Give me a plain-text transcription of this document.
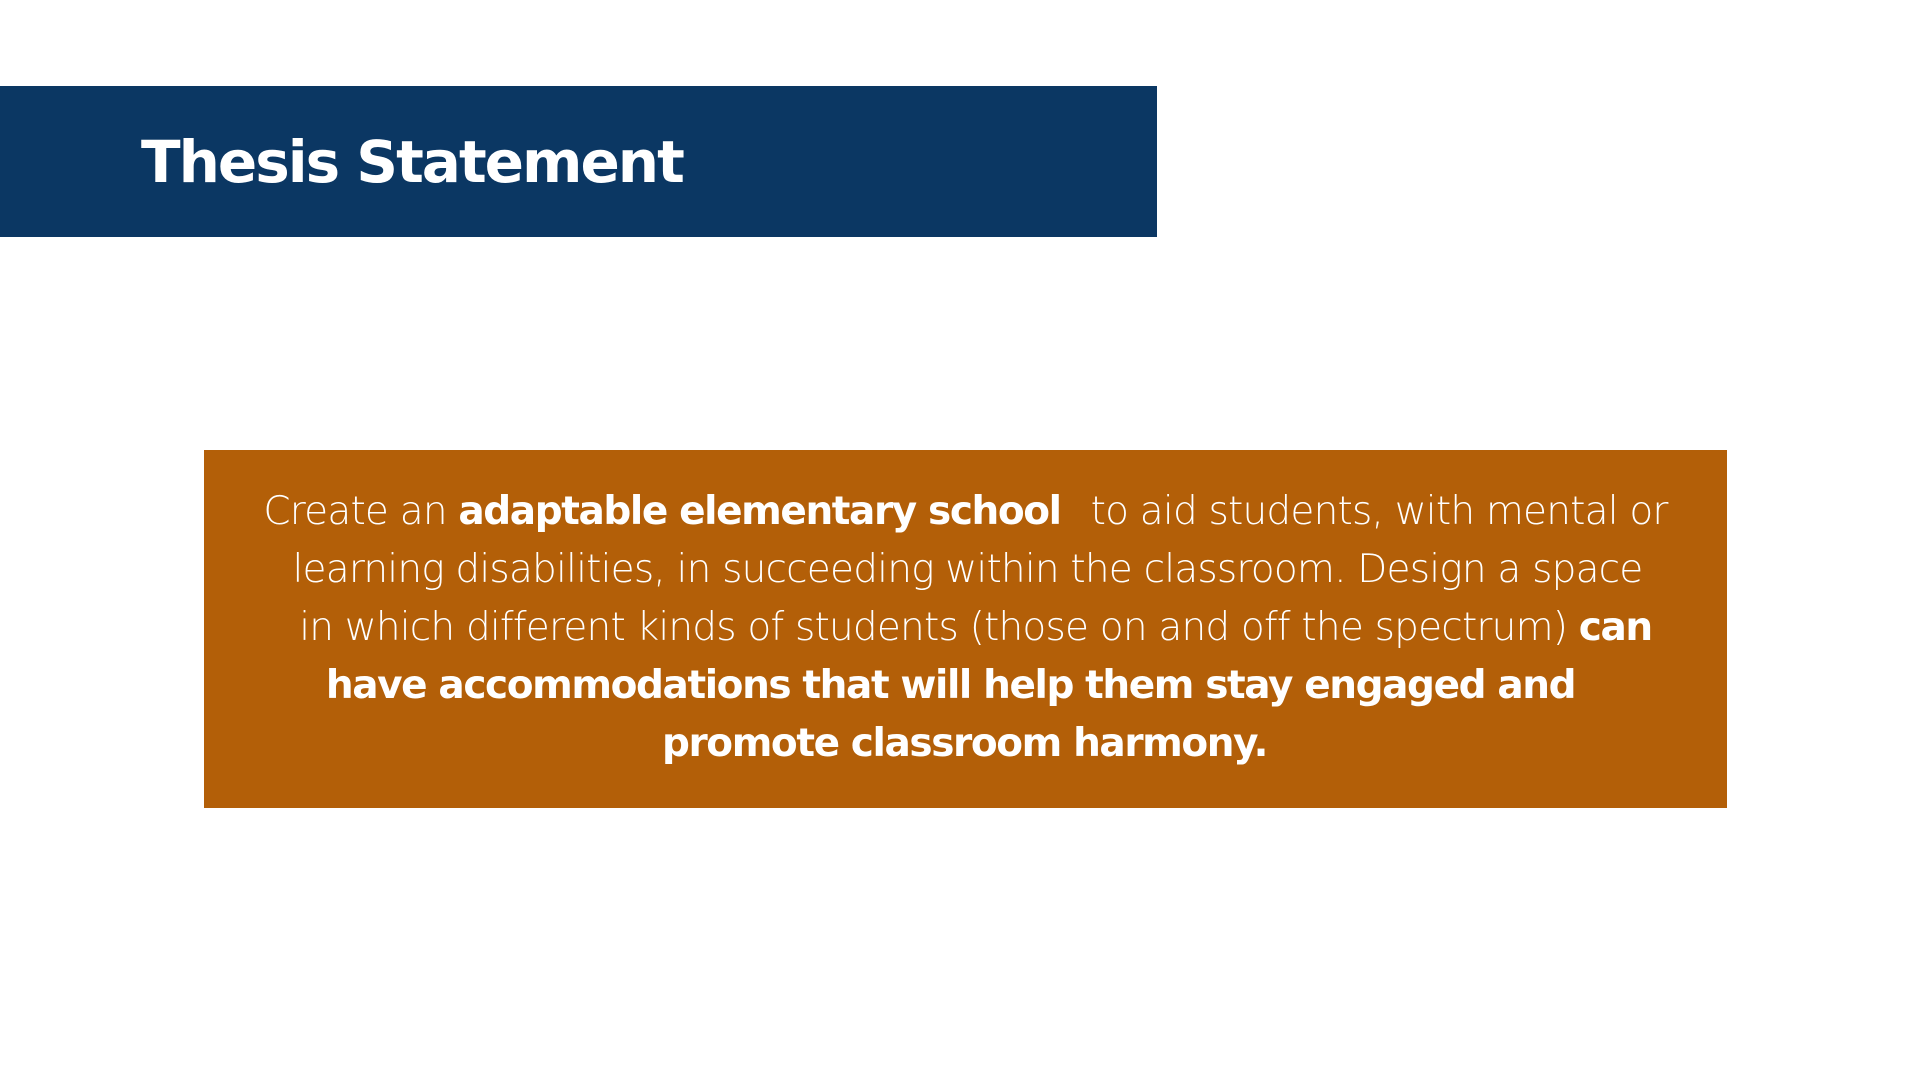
Thesis Statement

Create an adaptable elementary school to aid students, with mental or
learning disabilities, in succeeding within the classroom. Design a space
in which different kinds of students (those on and off the spectrum) can
have accommodations that will help them stay engaged and
promote classroom harmony.
